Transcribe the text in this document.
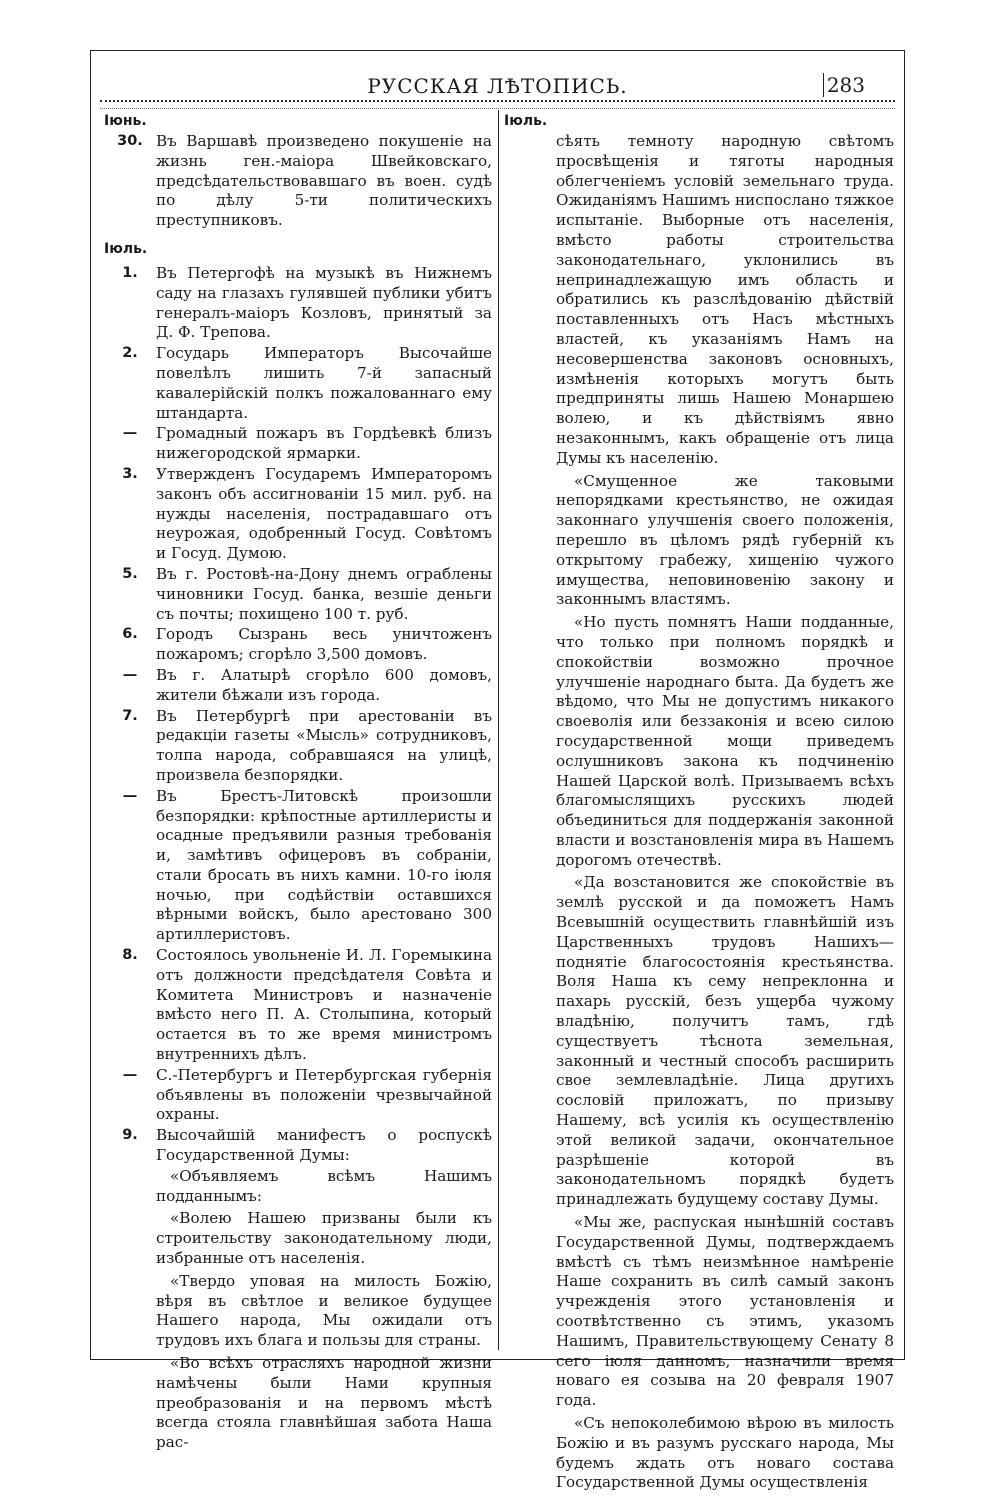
РУССКАЯ ЛѢТОПИСЬ.	283
Іюнь.
30. Въ Варшавѣ произведено покушеніе на жизнь ген.-маіора Швейковскаго, предсѣдательствовавшаго въ воен. судѣ по дѣлу 5-ти политическихъ преступниковъ.
Іюль.
1.	Въ Петергофѣ на музыкѣ въ Нижнемъ саду на глазахъ гулявшей публики убитъ генералъ-маіоръ Козловъ, принятый за Д. Ф. Трепова.
2.	Государь Императоръ Высочайше повелѣлъ лишить 7-й запасный кавалерійскій полкъ пожалованнаго ему штандарта.
—	Громадный пожаръ въ Гордѣевкѣ близъ нижегородской ярмарки.
3.	Утвержденъ Государемъ Императоромъ законъ объ ассигнованіи 15 мил. руб. на нужды населенія, пострадавшаго отъ неурожая, одобренный Госуд. Совѣтомъ и Госуд. Думою.
5.	Въ г. Ростовѣ-на-Дону днемъ ограблены чиновники Госуд. банка, везшіе деньги съ почты; похищено 100 т. руб.
6.	Городъ Сызрань весь уничтоженъ пожаромъ; сгорѣло 3,500 домовъ.
—	Въ г. Алатырѣ сгорѣло 600 домовъ, жители бѣжали изъ города.
7.	Въ Петербургѣ при арестованіи въ редакціи газеты «Мысль» сотрудниковъ, толпа народа, собравшаяся на улицѣ, произвела безпорядки.
—	Въ Брестъ-Литовскѣ произошли безпорядки: крѣпостные артиллеристы и осадные предъявили разныя требованія и, замѣтивъ офицеровъ въ собраніи, стали бросать въ нихъ камни. 10-го іюля ночью, при содѣйствіи оставшихся вѣрными войскъ, было арестовано 300 артиллеристовъ.
8.	Состоялось увольненіе И. Л. Горемыкина отъ должности предсѣдателя Совѣта и Комитета Министровъ и назначеніе вмѣсто него П. А. Столыпина, который остается въ то же время министромъ внутреннихъ дѣлъ.
—	С.-Петербургъ и Петербургская губернія объявлены въ положеніи чрезвычайной охраны.
9.	Высочайшій манифестъ о роспускѣ Государственной Думы:
«Объявляемъ всѣмъ Нашимъ подданнымъ:
«Волею Нашею призваны были къ строительству законодательному люди, избранные отъ населенія.
«Твердо уповая на милость Божію, вѣря въ свѣтлое и великое будущее Нашего народа, Мы ожидали отъ трудовъ ихъ блага и пользы для страны.
«Во всѣхъ отрасляхъ народной жизни намѣчены были Нами крупныя преобразованія и на первомъ мѣстѣ всегда стояла главнѣйшая забота Наша рас-
Іюль.
сѣять темноту народную свѣтомъ просвѣщенія и тяготы народныя облегченіемъ условій земельнаго труда. Ожиданіямъ Нашимъ ниспослано тяжкое испытаніе. Выборные отъ населенія, вмѣсто работы строительства законодательнаго, уклонились въ непринадлежащую имъ область и обратились къ разслѣдованію дѣйствій поставленныхъ отъ Насъ мѣстныхъ властей, къ указаніямъ Намъ на несовершенства законовъ основныхъ, измѣненія которыхъ могутъ быть предприняты лишь Нашею Монаршею волею, и къ дѣйствіямъ явно незаконнымъ, какъ обращеніе отъ лица Думы къ населенію.
«Смущенное же таковыми непорядками крестьянство, не ожидая законнаго улучшенія своего положенія, перешло въ цѣломъ рядѣ губерній къ открытому грабежу, хищенію чужого имущества, неповиновенію закону и законнымъ властямъ.
«Но пусть помнятъ Наши подданные, что только при полномъ порядкѣ и спокойствіи возможно прочное улучшеніе народнаго быта. Да будетъ же вѣдомо, что Мы не допустимъ никакого своеволія или беззаконія и всею силою государственной мощи приведемъ ослушниковъ закона къ подчиненію Нашей Царской волѣ. Призываемъ всѣхъ благомыслящихъ русскихъ людей объединиться для поддержанія законной власти и возстановленія мира въ Нашемъ дорогомъ отечествѣ.
«Да возстановится же спокойствіе въ землѣ русской и да поможетъ Намъ Всевышній осуществить главнѣйшій изъ Царственныхъ трудовъ Нашихъ— поднятіе благосостоянія крестьянства. Воля Наша къ сему непреклонна и пахарь русскій, безъ ущерба чужому владѣнію, получитъ тамъ, гдѣ существуетъ тѣснота земельная, законный и честный способъ расширить свое землевладѣніе. Лица другихъ сословій приложатъ, по призыву Нашему, всѣ усилія къ осуществленію этой великой задачи, окончательное разрѣшеніе которой въ законодательномъ порядкѣ будетъ принадлежать будущему составу Думы.
«Мы же, распуская нынѣшній составъ Государственной Думы, подтверждаемъ вмѣстѣ съ тѣмъ неизмѣнное намѣреніе Наше сохранить въ силѣ самый законъ учрежденія этого установленія и соотвѣтственно съ этимъ, указомъ Нашимъ, Правительствующему Сенату 8 сего іюля данномъ, назначили время новаго ея созыва на 20 февраля 1907 года.
«Съ непоколебимою вѣрою въ милость Божію и въ разумъ русскаго народа, Мы будемъ ждать отъ новаго состава Государственной Думы осуществленія
